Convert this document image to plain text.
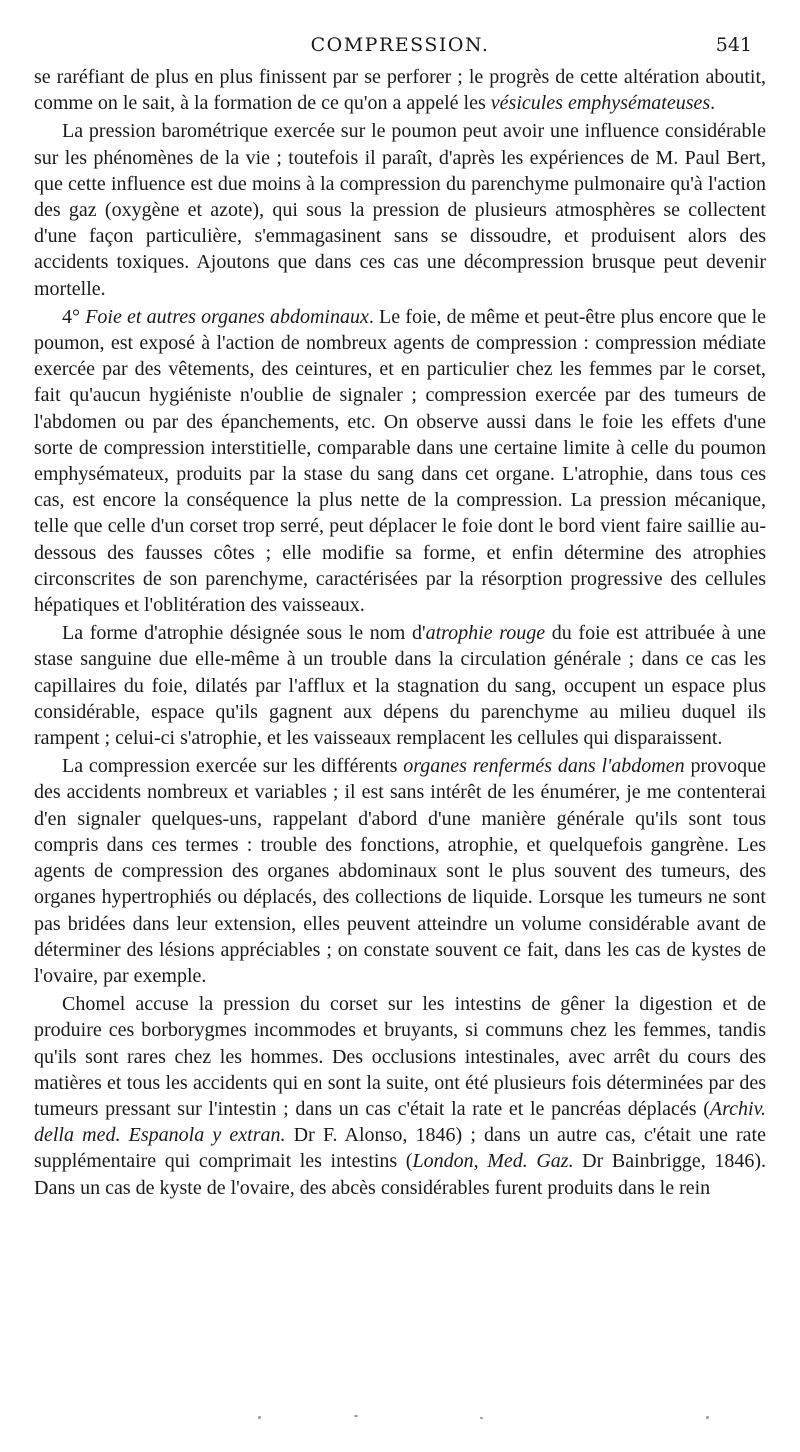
COMPRESSION.	541

se raréfiant de plus en plus finissent par se perforer ; le progrès de cette altération aboutit, comme on le sait, à la formation de ce qu'on a appelé les vésicules emphysémateuses.

La pression barométrique exercée sur le poumon peut avoir une influence considérable sur les phénomènes de la vie ; toutefois il paraît, d'après les expériences de M. Paul Bert, que cette influence est due moins à la compression du parenchyme pulmonaire qu'à l'action des gaz (oxygène et azote), qui sous la pression de plusieurs atmosphères se collectent d'une façon particulière, s'emmagasinent sans se dissoudre, et produisent alors des accidents toxiques. Ajoutons que dans ces cas une décompression brusque peut devenir mortelle.

4° Foie et autres organes abdominaux. Le foie, de même et peut-être plus encore que le poumon, est exposé à l'action de nombreux agents de compression : compression médiate exercée par des vêtements, des ceintures, et en particulier chez les femmes par le corset, fait qu'aucun hygiéniste n'oublie de signaler ; compression exercée par des tumeurs de l'abdomen ou par des épanchements, etc. On observe aussi dans le foie les effets d'une sorte de compression interstitielle, comparable dans une certaine limite à celle du poumon emphysémateux, produits par la stase du sang dans cet organe. L'atrophie, dans tous ces cas, est encore la conséquence la plus nette de la compression. La pression mécanique, telle que celle d'un corset trop serré, peut déplacer le foie dont le bord vient faire saillie au-dessous des fausses côtes ; elle modifie sa forme, et enfin détermine des atrophies circonscrites de son parenchyme, caractérisées par la résorption progressive des cellules hépatiques et l'oblitération des vaisseaux.

La forme d'atrophie désignée sous le nom d'atrophie rouge du foie est attribuée à une stase sanguine due elle-même à un trouble dans la circulation générale ; dans ce cas les capillaires du foie, dilatés par l'afflux et la stagnation du sang, occupent un espace plus considérable, espace qu'ils gagnent aux dépens du parenchyme au milieu duquel ils rampent ; celui-ci s'atrophie, et les vaisseaux remplacent les cellules qui disparaissent.

La compression exercée sur les différents organes renfermés dans l'abdomen provoque des accidents nombreux et variables ; il est sans intérêt de les énumérer, je me contenterai d'en signaler quelques-uns, rappelant d'abord d'une manière générale qu'ils sont tous compris dans ces termes : trouble des fonctions, atrophie, et quelquefois gangrène. Les agents de compression des organes abdominaux sont le plus souvent des tumeurs, des organes hypertrophiés ou déplacés, des collections de liquide. Lorsque les tumeurs ne sont pas bridées dans leur extension, elles peuvent atteindre un volume considérable avant de déterminer des lésions appréciables ; on constate souvent ce fait, dans les cas de kystes de l'ovaire, par exemple.

Chomel accuse la pression du corset sur les intestins de gêner la digestion et de produire ces borborygmes incommodes et bruyants, si communs chez les femmes, tandis qu'ils sont rares chez les hommes. Des occlusions intestinales, avec arrêt du cours des matières et tous les accidents qui en sont la suite, ont été plusieurs fois déterminées par des tumeurs pressant sur l'intestin ; dans un cas c'était la rate et le pancréas déplacés (Archiv. della med. Espanola y extran. Dr F. Alonso, 1846) ; dans un autre cas, c'était une rate supplémentaire qui comprimait les intestins (London, Med. Gaz. Dr Bainbrigge, 1846). Dans un cas de kyste de l'ovaire, des abcès considérables furent produits dans le rein
